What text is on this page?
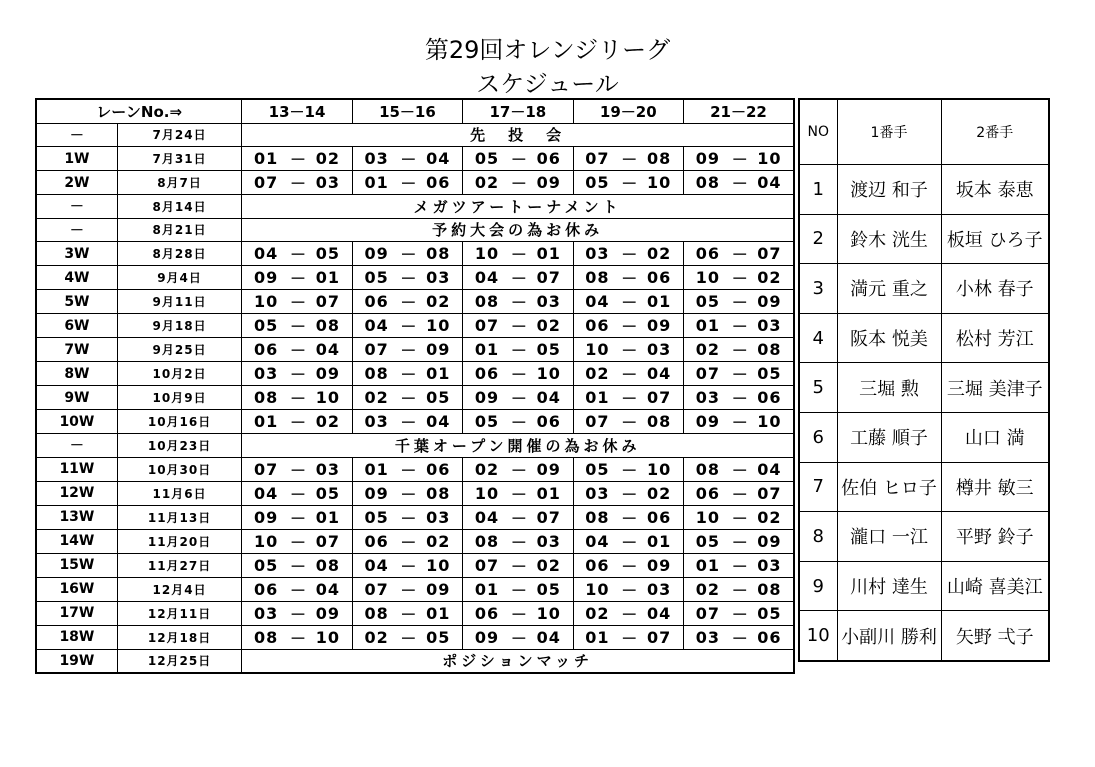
第29回オレンジリーグ
スケジュール
レーンNo.⇒		13－14			15－16			17－18			19－20			21－22		
－	7月24日	先　投　会														
1W	7月31日	01	－	02	03	－	04	05	－	06	07	－	08	09	－	10
2W	8月7日	07	－	03	01	－	06	02	－	09	05	－	10	08	－	04
－	8月14日	メガツアートーナメント														
－	8月21日	予約大会の為お休み														
3W	8月28日	04	－	05	09	－	08	10	－	01	03	－	02	06	－	07
4W	9月4日	09	－	01	05	－	03	04	－	07	08	－	06	10	－	02
5W	9月11日	10	－	07	06	－	02	08	－	03	04	－	01	05	－	09
6W	9月18日	05	－	08	04	－	10	07	－	02	06	－	09	01	－	03
7W	9月25日	06	－	04	07	－	09	01	－	05	10	－	03	02	－	08
8W	10月2日	03	－	09	08	－	01	06	－	10	02	－	04	07	－	05
9W	10月9日	08	－	10	02	－	05	09	－	04	01	－	07	03	－	06
10W	10月16日	01	－	02	03	－	04	05	－	06	07	－	08	09	－	10
－	10月23日	千葉オープン開催の為お休み														
11W	10月30日	07	－	03	01	－	06	02	－	09	05	－	10	08	－	04
12W	11月6日	04	－	05	09	－	08	10	－	01	03	－	02	06	－	07
13W	11月13日	09	－	01	05	－	03	04	－	07	08	－	06	10	－	02
14W	11月20日	10	－	07	06	－	02	08	－	03	04	－	01	05	－	09
15W	11月27日	05	－	08	04	－	10	07	－	02	06	－	09	01	－	03
16W	12月4日	06	－	04	07	－	09	01	－	05	10	－	03	02	－	08
17W	12月11日	03	－	09	08	－	01	06	－	10	02	－	04	07	－	05
18W	12月18日	08	－	10	02	－	05	09	－	04	01	－	07	03	－	06
19W	12月25日	ポジションマッチ														
NO	1番手	2番手
1	渡辺 和子	坂本 泰恵
2	鈴木 洸生	板垣 ひろ子
3	満元 重之	小林 春子
4	阪本 悦美	松村 芳江
5	三堀 勲	三堀 美津子
6	工藤 順子	山口 満
7	佐伯 ヒロ子	樽井 敏三
8	瀧口 一江	平野 鈴子
9	川村 達生	山崎 喜美江
10	小副川 勝利	矢野 弌子
